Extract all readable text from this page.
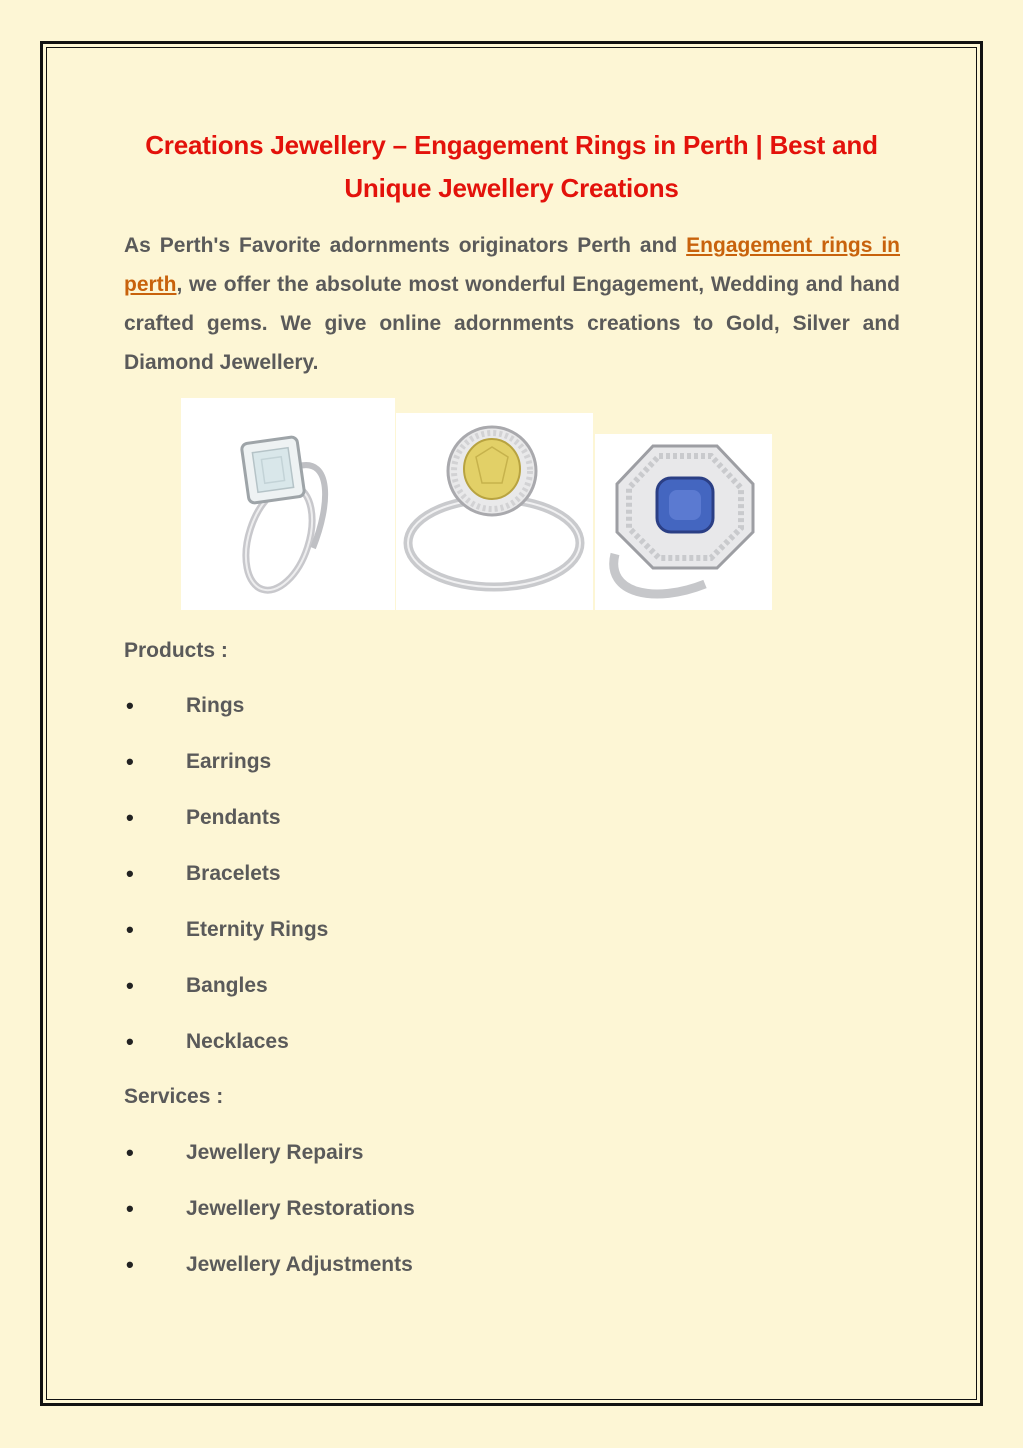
Creations Jewellery – Engagement Rings in Perth | Best and Unique Jewellery Creations

As Perth's Favorite adornments originators Perth and Engagement rings in perth, we offer the absolute most wonderful Engagement, Wedding and hand crafted gems. We give online adornments creations to Gold, Silver and Diamond Jewellery.

Products :

•	Rings
•	Earrings
•	Pendants
•	Bracelets
•	Eternity Rings
•	Bangles
•	Necklaces

Services :

•	Jewellery Repairs
•	Jewellery Restorations
•	Jewellery Adjustments
